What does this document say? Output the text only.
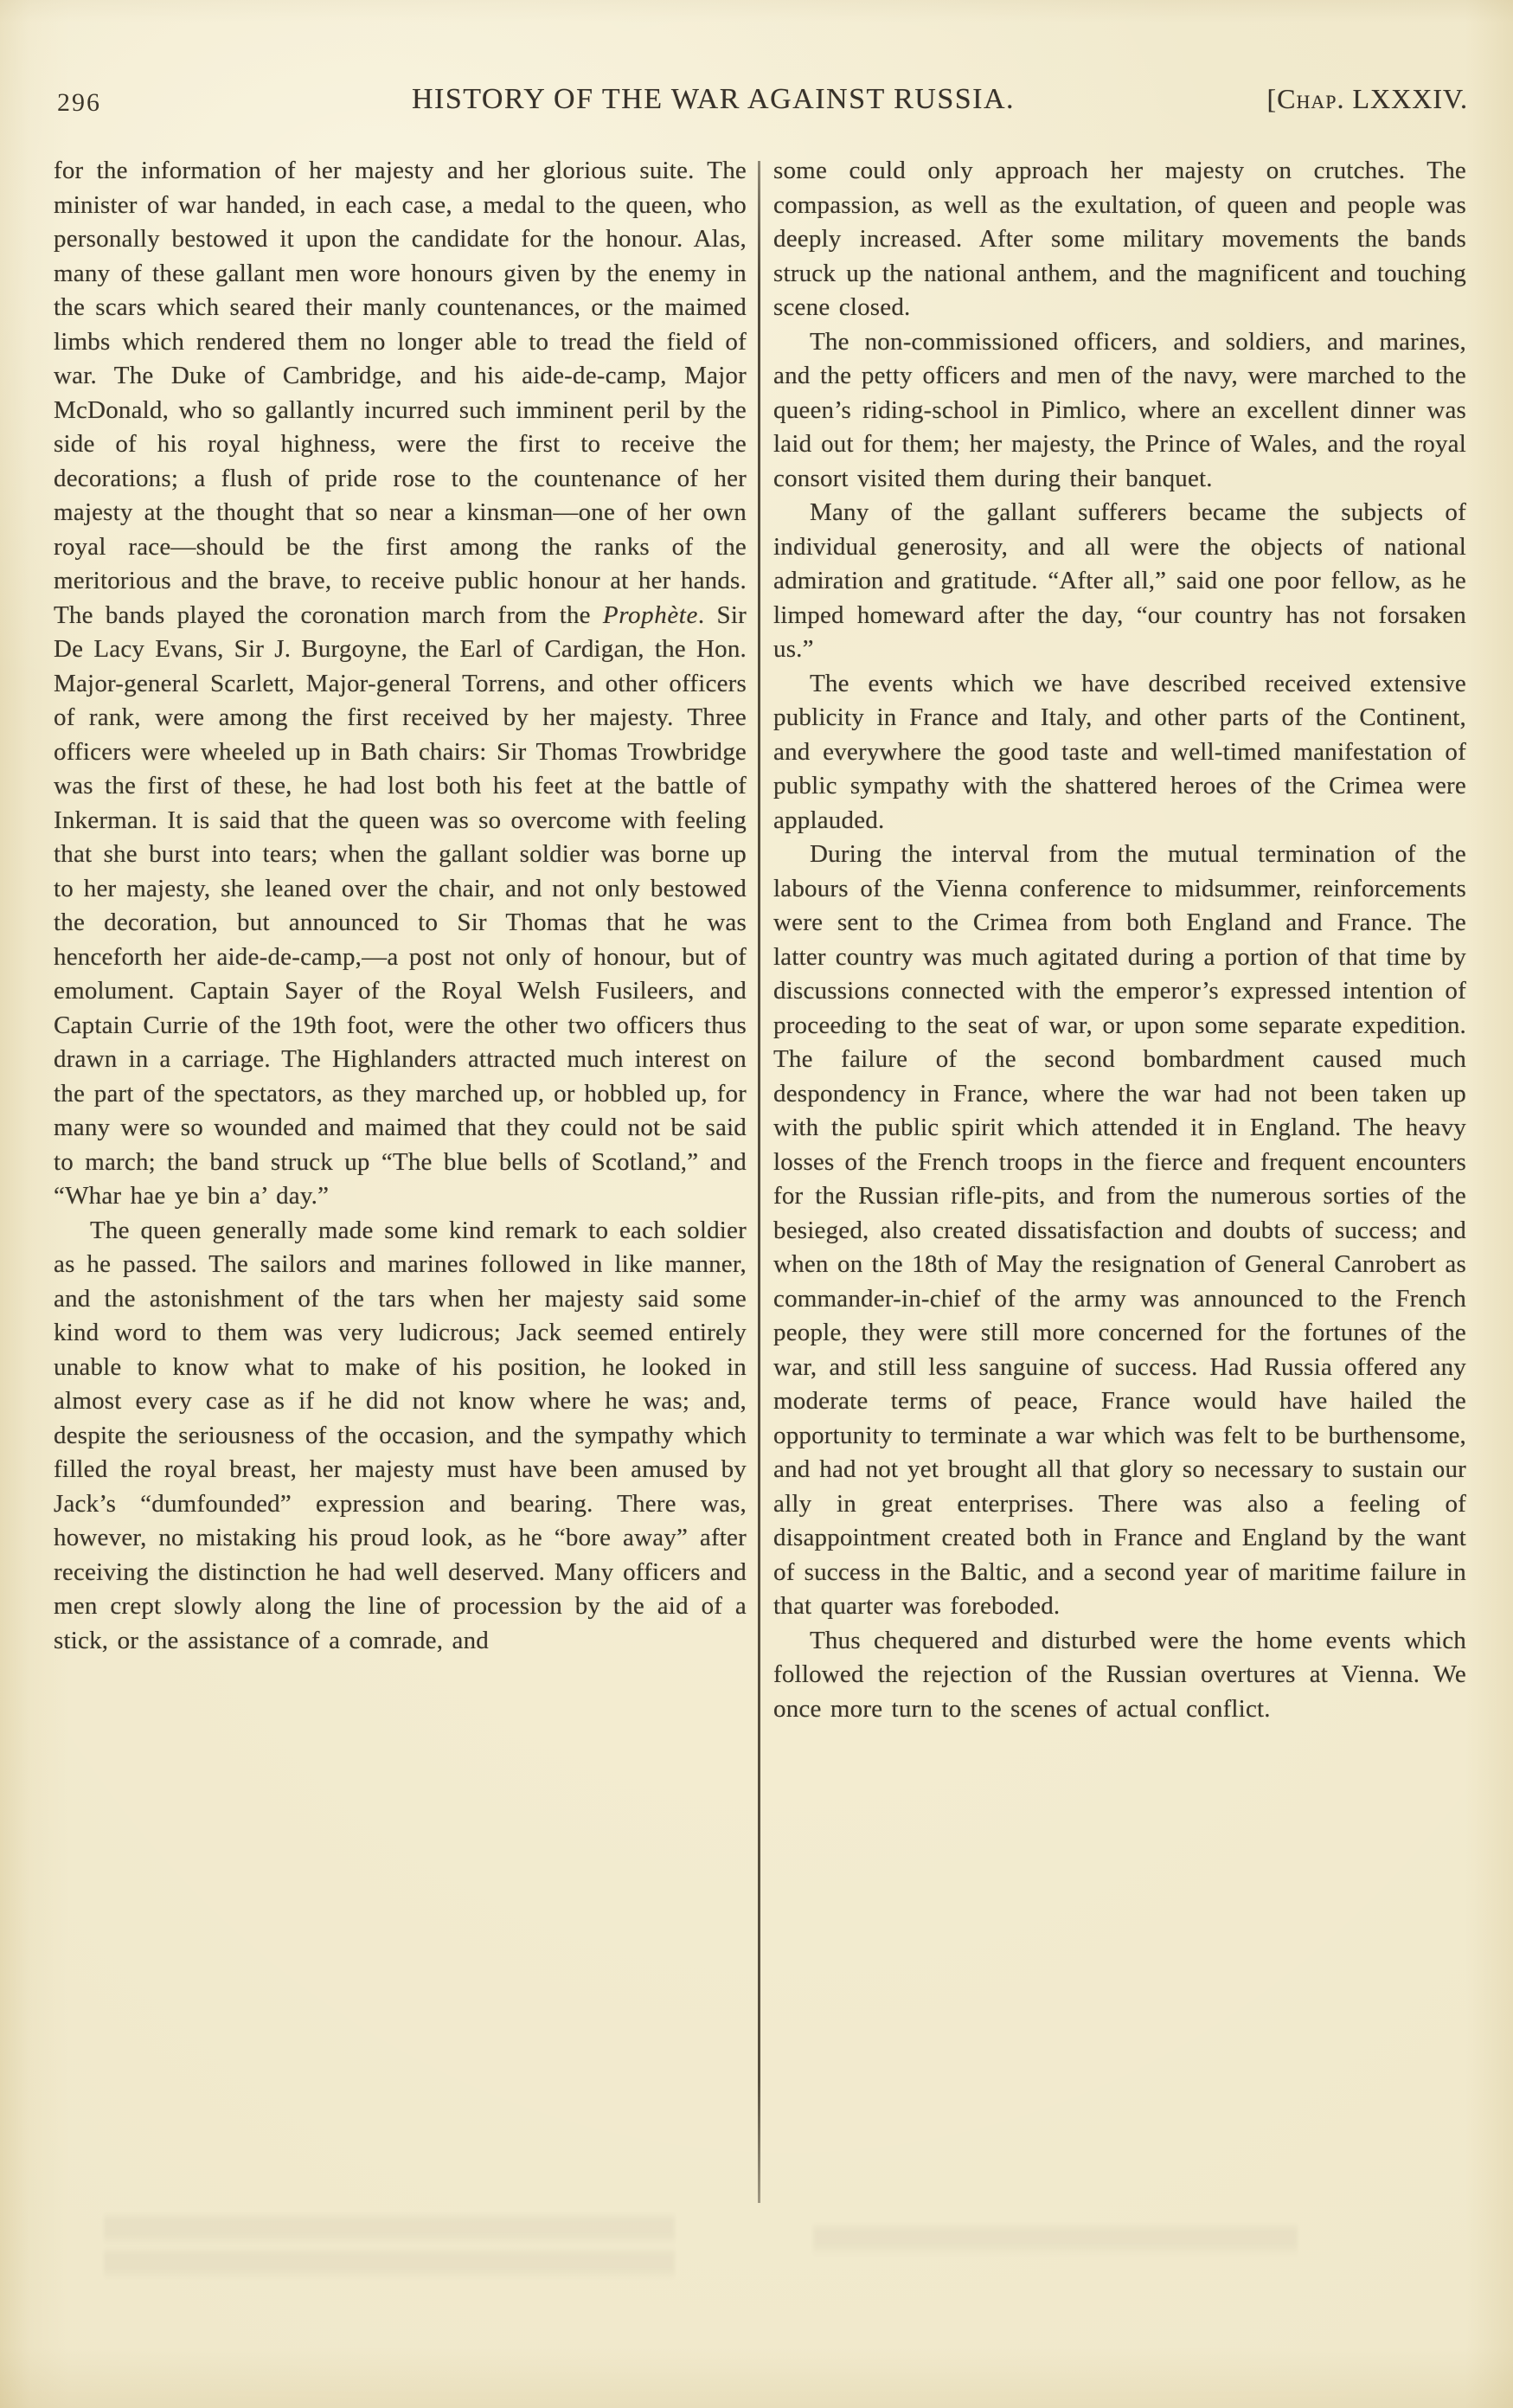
296	HISTORY OF THE WAR AGAINST RUSSIA.	[Chap. LXXXIV.

for the information of her majesty and her glorious suite. The minister of war handed, in each case, a medal to the queen, who personally bestowed it upon the candidate for the honour. Alas, many of these gallant men wore honours given by the enemy in the scars which seared their manly countenances, or the maimed limbs which rendered them no longer able to tread the field of war. The Duke of Cambridge, and his aide-de-camp, Major McDonald, who so gallantly incurred such imminent peril by the side of his royal highness, were the first to receive the decorations; a flush of pride rose to the countenance of her majesty at the thought that so near a kinsman—one of her own royal race—should be the first among the ranks of the meritorious and the brave, to receive public honour at her hands. The bands played the coronation march from the Prophète. Sir De Lacy Evans, Sir J. Burgoyne, the Earl of Cardigan, the Hon. Major-general Scarlett, Major-general Torrens, and other officers of rank, were among the first received by her majesty. Three officers were wheeled up in Bath chairs: Sir Thomas Trowbridge was the first of these, he had lost both his feet at the battle of Inkerman. It is said that the queen was so overcome with feeling that she burst into tears; when the gallant soldier was borne up to her majesty, she leaned over the chair, and not only bestowed the decoration, but announced to Sir Thomas that he was henceforth her aide-de-camp,—a post not only of honour, but of emolument. Captain Sayer of the Royal Welsh Fusileers, and Captain Currie of the 19th foot, were the other two officers thus drawn in a carriage. The Highlanders attracted much interest on the part of the spectators, as they marched up, or hobbled up, for many were so wounded and maimed that they could not be said to march; the band struck up “The blue bells of Scotland,” and “Whar hae ye bin a’ day.”

The queen generally made some kind remark to each soldier as he passed. The sailors and marines followed in like manner, and the astonishment of the tars when her majesty said some kind word to them was very ludicrous; Jack seemed entirely unable to know what to make of his position, he looked in almost every case as if he did not know where he was; and, despite the seriousness of the occasion, and the sympathy which filled the royal breast, her majesty must have been amused by Jack’s “dumfounded” expression and bearing. There was, however, no mistaking his proud look, as he “bore away” after receiving the distinction he had well deserved. Many officers and men crept slowly along the line of procession by the aid of a stick, or the assistance of a comrade, and

some could only approach her majesty on crutches. The compassion, as well as the exultation, of queen and people was deeply increased. After some military movements the bands struck up the national anthem, and the magnificent and touching scene closed.

The non-commissioned officers, and soldiers, and marines, and the petty officers and men of the navy, were marched to the queen’s riding-school in Pimlico, where an excellent dinner was laid out for them; her majesty, the Prince of Wales, and the royal consort visited them during their banquet.

Many of the gallant sufferers became the subjects of individual generosity, and all were the objects of national admiration and gratitude. “After all,” said one poor fellow, as he limped homeward after the day, “our country has not forsaken us.”

The events which we have described received extensive publicity in France and Italy, and other parts of the Continent, and everywhere the good taste and well-timed manifestation of public sympathy with the shattered heroes of the Crimea were applauded.

During the interval from the mutual termination of the labours of the Vienna conference to midsummer, reinforcements were sent to the Crimea from both England and France. The latter country was much agitated during a portion of that time by discussions connected with the emperor’s expressed intention of proceeding to the seat of war, or upon some separate expedition. The failure of the second bombardment caused much despondency in France, where the war had not been taken up with the public spirit which attended it in England. The heavy losses of the French troops in the fierce and frequent encounters for the Russian rifle-pits, and from the numerous sorties of the besieged, also created dissatisfaction and doubts of success; and when on the 18th of May the resignation of General Canrobert as commander-in-chief of the army was announced to the French people, they were still more concerned for the fortunes of the war, and still less sanguine of success. Had Russia offered any moderate terms of peace, France would have hailed the opportunity to terminate a war which was felt to be burthensome, and had not yet brought all that glory so necessary to sustain our ally in great enterprises. There was also a feeling of disappointment created both in France and England by the want of success in the Baltic, and a second year of maritime failure in that quarter was foreboded.

Thus chequered and disturbed were the home events which followed the rejection of the Russian overtures at Vienna. We once more turn to the scenes of actual conflict.
